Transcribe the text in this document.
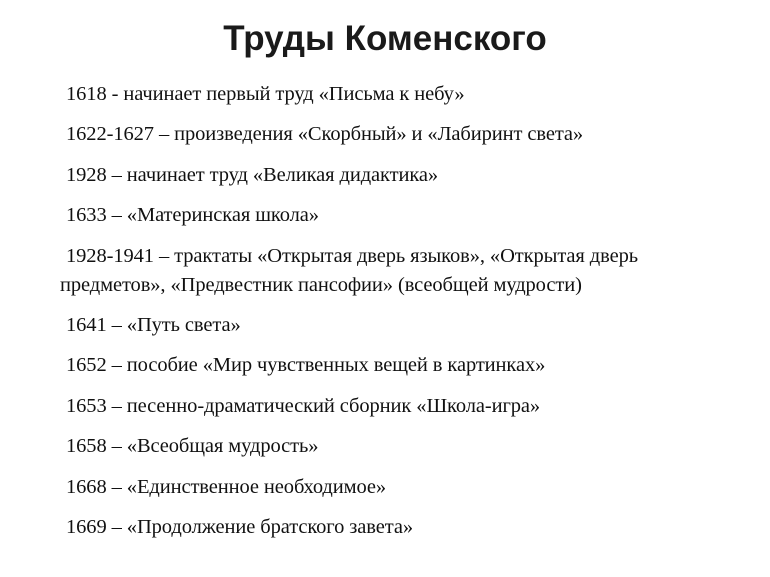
Труды Коменского
1618 - начинает первый труд «Письма к небу»
1622-1627 – произведения «Скорбный» и «Лабиринт света»
1928 – начинает труд «Великая дидактика»
1633 – «Материнская школа»
1928-1941 – трактаты «Открытая дверь языков», «Открытая дверь
предметов», «Предвестник пансофии» (всеобщей мудрости)
1641 – «Путь света»
1652 – пособие «Мир чувственных вещей в картинках»
1653 – песенно-драматический сборник «Школа-игра»
1658 – «Всеобщая мудрость»
1668 – «Единственное необходимое»
1669 – «Продолжение братского завета»
